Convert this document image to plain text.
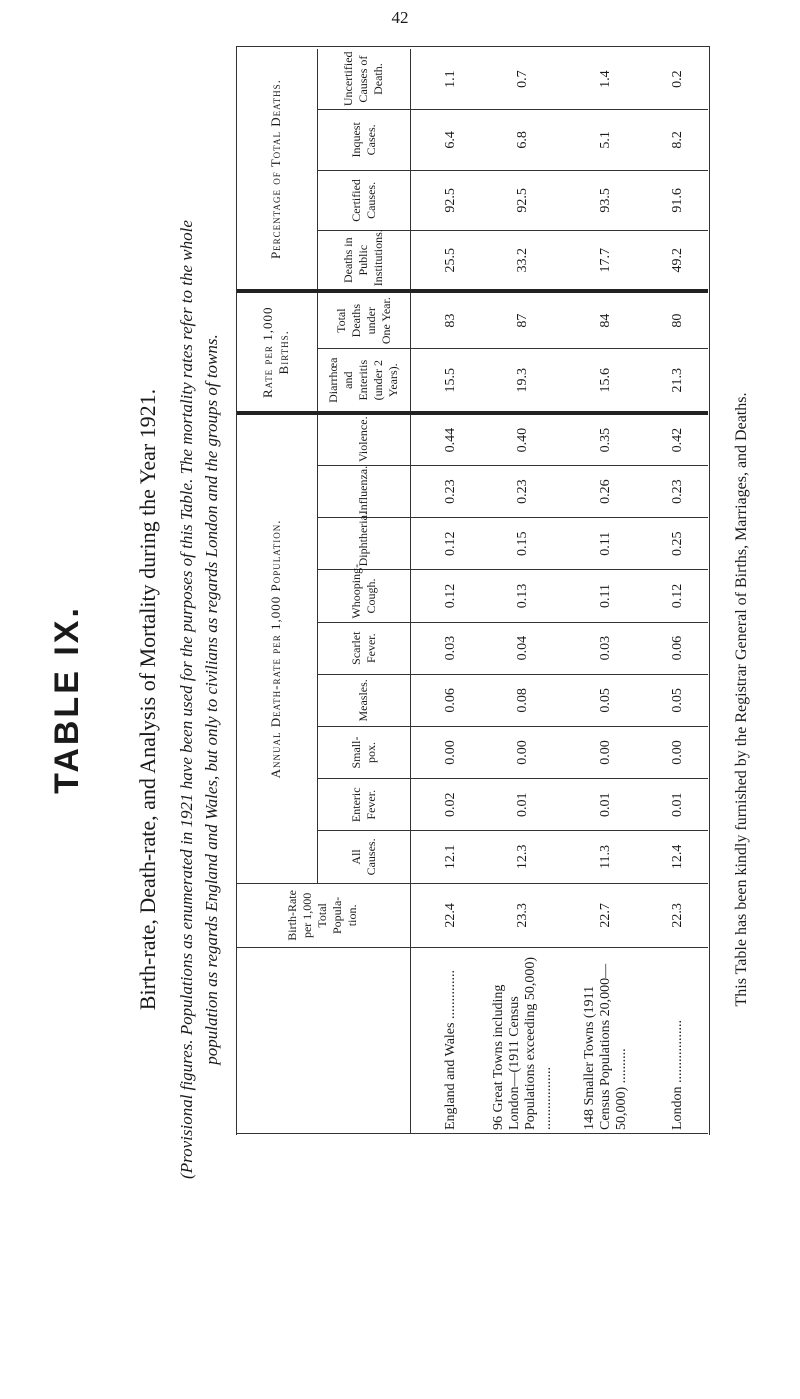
42
TABLE IX. Birth-rate, Death-rate, and Analysis of Mortality during the Year 1921. (Provisional figures. Populations as enumerated in 1921 have been used for the purposes of this Table. The mortality rates refer to the whole population as regards England and Wales, but only to civilians as regards London and the groups of towns.
		Birth-Rate per 1,000 Total Popula-tion.	Annual Death-rate per 1,000 Population.									Rate per 1,000 Births.		Percentage of Total Deaths.			
		All Causes.	Enteric Fever.	Small-pox.	Measles.	Scarlet Fever.	Whooping-Cough.	Diphtheria.	Influenza.	Violence.	Diarrhœa and Enteritis (under 2 Years).	Total Deaths under One Year.	Deaths in Public Institutions.	Certified Causes.	Inquest Cases.	Uncertified Causes of Death.
England and Wales ..............	22.4	12.1	0.02	0.00	0.06	0.03	0.12	0.12	0.23	0.44	15.5	83	25.5	92.5	6.4	1.1
96 Great Towns including London—(1911 Census Populations exceeding 50,000) ..................	23.3	12.3	0.01	0.00	0.08	0.04	0.13	0.15	0.23	0.40	19.3	87	33.2	92.5	6.8	0.7
148 Smaller Towns (1911 Census Populations 20,000—50,000) ..........	22.7	11.3	0.01	0.00	0.05	0.03	0.11	0.11	0.26	0.35	15.6	84	17.7	93.5	5.1	1.4
London ..................	22.3	12.4	0.01	0.00	0.05	0.06	0.12	0.25	0.23	0.42	21.3	80	49.2	91.6	8.2	0.2
This Table has been kindly furnished by the Registrar General of Births, Marriages, and Deaths.
